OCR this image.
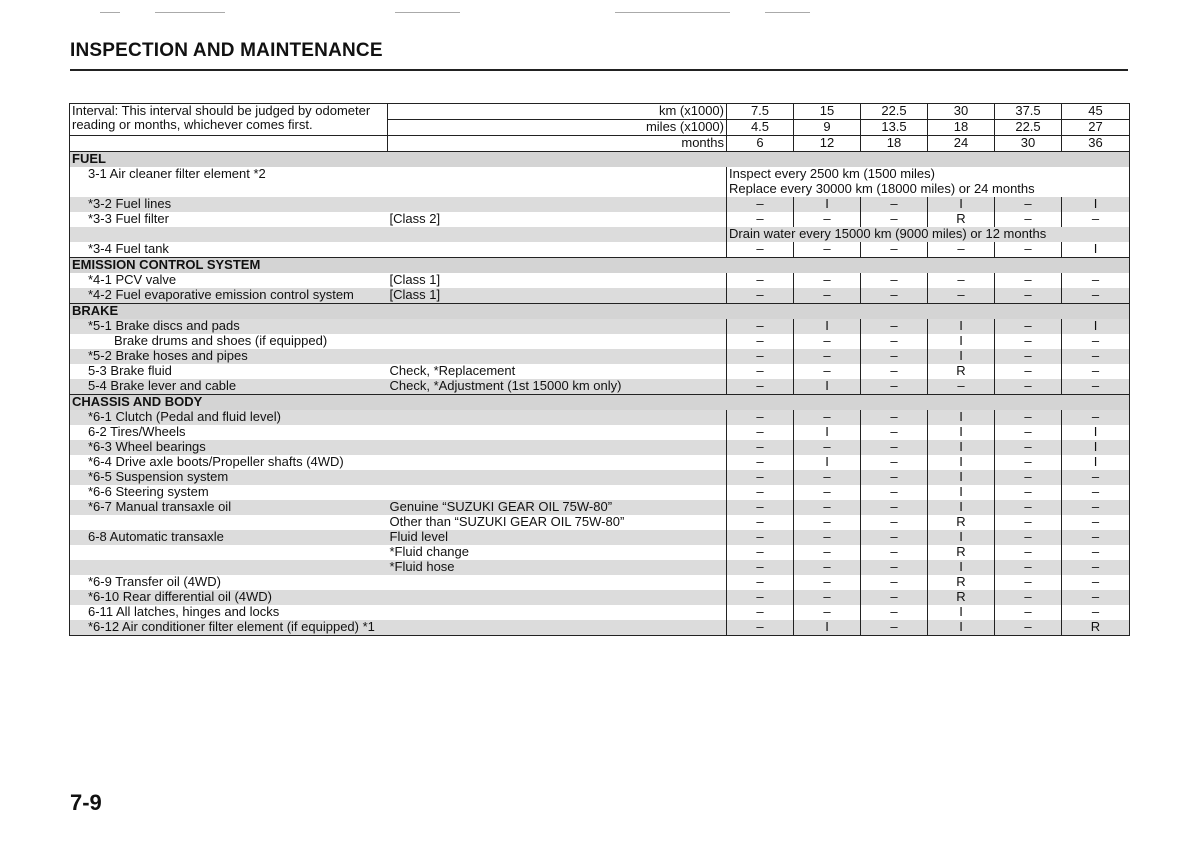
INSPECTION AND MAINTENANCE
Interval: This interval should be judged by odometer reading or months, whichever comes first.	km (x1000)	7.5	15	22.5	30	37.5	45
	miles (x1000)	4.5	9	13.5	18	22.5	27
	months	6	12	18	24	30	36
FUEL							
3-1 Air cleaner filter element *2		Inspect every 2500 km (1500 miles)					
		Replace every 30000 km (18000 miles) or 24 months					
*3-2 Fuel lines		–	I	–	I	–	I
*3-3 Fuel filter	[Class 2]	–	–	–	R	–	–
		Drain water every 15000 km (9000 miles) or 12 months					
*3-4 Fuel tank		–	–	–	–	–	I
EMISSION CONTROL SYSTEM							
*4-1 PCV valve	[Class 1]	–	–	–	–	–	–
*4-2 Fuel evaporative emission control system	[Class 1]	–	–	–	–	–	–
BRAKE							
*5-1 Brake discs and pads		–	I	–	I	–	I
Brake drums and shoes (if equipped)		–	–	–	I	–	–
*5-2 Brake hoses and pipes		–	–	–	I	–	–
5-3 Brake fluid	Check, *Replacement	–	–	–	R	–	–
5-4 Brake lever and cable	Check, *Adjustment (1st 15000 km only)	–	I	–	–	–	–
CHASSIS AND BODY							
*6-1 Clutch (Pedal and fluid level)		–	–	–	I	–	–
6-2 Tires/Wheels		–	I	–	I	–	I
*6-3 Wheel bearings		–	–	–	I	–	I
*6-4 Drive axle boots/Propeller shafts (4WD)		–	I	–	I	–	I
*6-5 Suspension system		–	–	–	I	–	–
*6-6 Steering system		–	–	–	I	–	–
*6-7 Manual transaxle oil	Genuine “SUZUKI GEAR OIL 75W-80”	–	–	–	I	–	–
	Other than “SUZUKI GEAR OIL 75W-80”	–	–	–	R	–	–
6-8 Automatic transaxle	Fluid level	–	–	–	I	–	–
	*Fluid change	–	–	–	R	–	–
	*Fluid hose	–	–	–	I	–	–
*6-9 Transfer oil (4WD)		–	–	–	R	–	–
*6-10 Rear differential oil (4WD)		–	–	–	R	–	–
6-11 All latches, hinges and locks		–	–	–	I	–	–
*6-12 Air conditioner filter element (if equipped) *1		–	I	–	I	–	R
7-9
